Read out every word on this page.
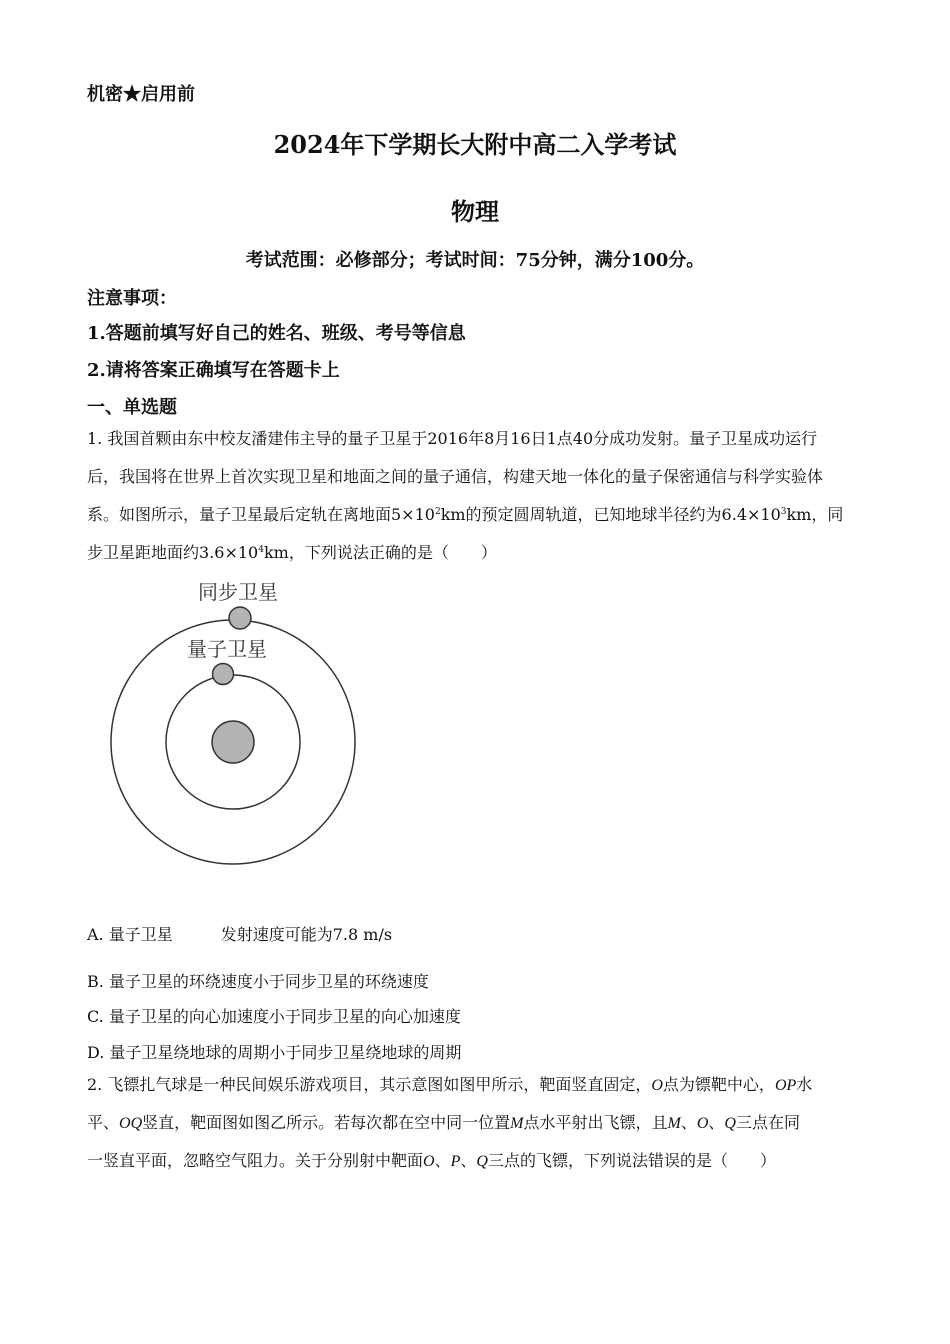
机密★启用前
2024年下学期长大附中高二入学考试
物理
考试范围：必修部分；考试时间：75分钟，满分100分。
注意事项：
1.答题前填写好自己的姓名、班级、考号等信息
2.请将答案正确填写在答题卡上
一、单选题
1. 我国首颗由东中校友潘建伟主导的量子卫星于2016年8月16日1点40分成功发射。量子卫星成功运行
后，我国将在世界上首次实现卫星和地面之间的量子通信，构建天地一体化的量子保密通信与科学实验体
系。如图所示，量子卫星最后定轨在离地面$5\times 10^2km$的预定圆周轨道，已知地球半径约为$6.4\times 10^3km$，同
步卫星距地面约$3.6\times 10^4km$，下列说法正确的是（　　）
同步卫星
量子卫星
A. 量子卫星	发射速度可能为7.8 m/s
B. 量子卫星的环绕速度小于同步卫星的环绕速度
C. 量子卫星的向心加速度小于同步卫星的向心加速度
D. 量子卫星绕地球的周期小于同步卫星绕地球的周期
2. 飞镖扎气球是一种民间娱乐游戏项目，其示意图如图甲所示，靶面竖直固定，O点为镖靶中心，OP水
平、OQ竖直，靶面图如图乙所示。若每次都在空中同一位置M点水平射出飞镖，且M、O、Q三点在同
一竖直平面，忽略空气阻力。关于分别射中靶面O、P、Q三点的飞镖，下列说法错误的是（　　）
